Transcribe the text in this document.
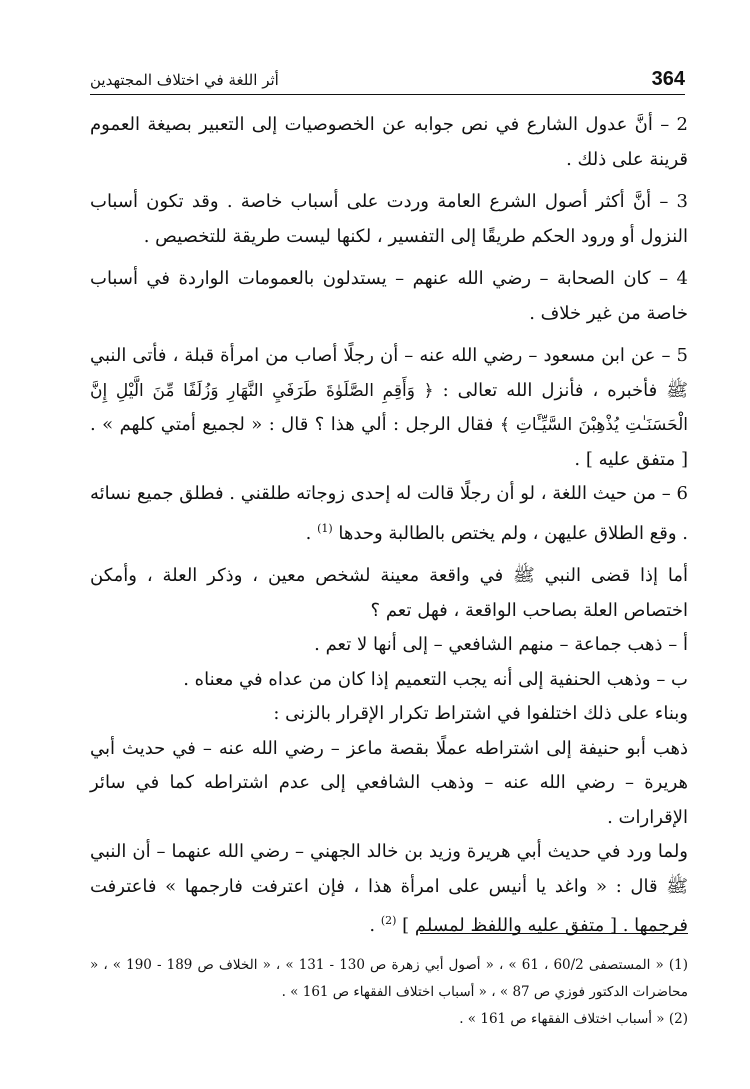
364
أثر اللغة في اختلاف المجتهدين

2 – أنَّ عدول الشارع في نص جوابه عن الخصوصيات إلى التعبير بصيغة العموم قرينة على ذلك .

3 – أنَّ أكثر أصول الشرع العامة وردت على أسباب خاصة . وقد تكون أسباب النزول أو ورود الحكم طريقًا إلى التفسير ، لكنها ليست طريقة للتخصيص .

4 – كان الصحابة – رضي الله عنهم – يستدلون بالعمومات الواردة في أسباب خاصة من غير خلاف .

5 – عن ابن مسعود – رضي الله عنه – أن رجلًا أصاب من امرأة قبلة ، فأتى النبي ﷺ فأخبره ، فأنزل الله تعالى : ﴿ وَأَقِمِ الصَّلَوٰةَ طَرَفَيِ النَّهَارِ وَزُلَفًا مِّنَ الَّيْلِ إِنَّ الْحَسَنَـٰتِ يُذْهِبْنَ السَّيِّـَٔاتِ ﴾ فقال الرجل : ألي هذا ؟ قال : « لجميع أمتي كلهم » . [ متفق عليه ] .

6 – من حيث اللغة ، لو أن رجلًا قالت له إحدى زوجاته طلقني . فطلق جميع نسائه . وقع الطلاق عليهن ، ولم يختص بالطالبة وحدها $^{(1)}$ .

أما إذا قضى النبي ﷺ في واقعة معينة لشخص معين ، وذكر العلة ، وأمكن اختصاص العلة بصاحب الواقعة ، فهل تعم ؟

أ – ذهب جماعة – منهم الشافعي – إلى أنها لا تعم .

ب – وذهب الحنفية إلى أنه يجب التعميم إذا كان من عداه في معناه .

وبناء على ذلك اختلفوا في اشتراط تكرار الإقرار بالزنى :

ذهب أبو حنيفة إلى اشتراطه عملًا بقصة ماعز – رضي الله عنه – في حديث أبي هريرة – رضي الله عنه – وذهب الشافعي إلى عدم اشتراطه كما في سائر الإقرارات .

ولما ورد في حديث أبي هريرة وزيد بن خالد الجهني – رضي الله عنهما – أن النبي ﷺ قال : « واغد يا أنيس على امرأة هذا ، فإن اعترفت فارجمها » فاعترفت فرجمها . [ متفق عليه واللفظ لمسلم ] $^{(2)}$ .

(1) « المستصفى 60/2 ، 61 » ، « أصول أبي زهرة ص 130 - 131 » ، « الخلاف ص 189 - 190 » ، « محاضرات الدكتور فوزي ص 87 » ، « أسباب اختلاف الفقهاء ص 161 » .

(2) « أسباب اختلاف الفقهاء ص 161 » .
